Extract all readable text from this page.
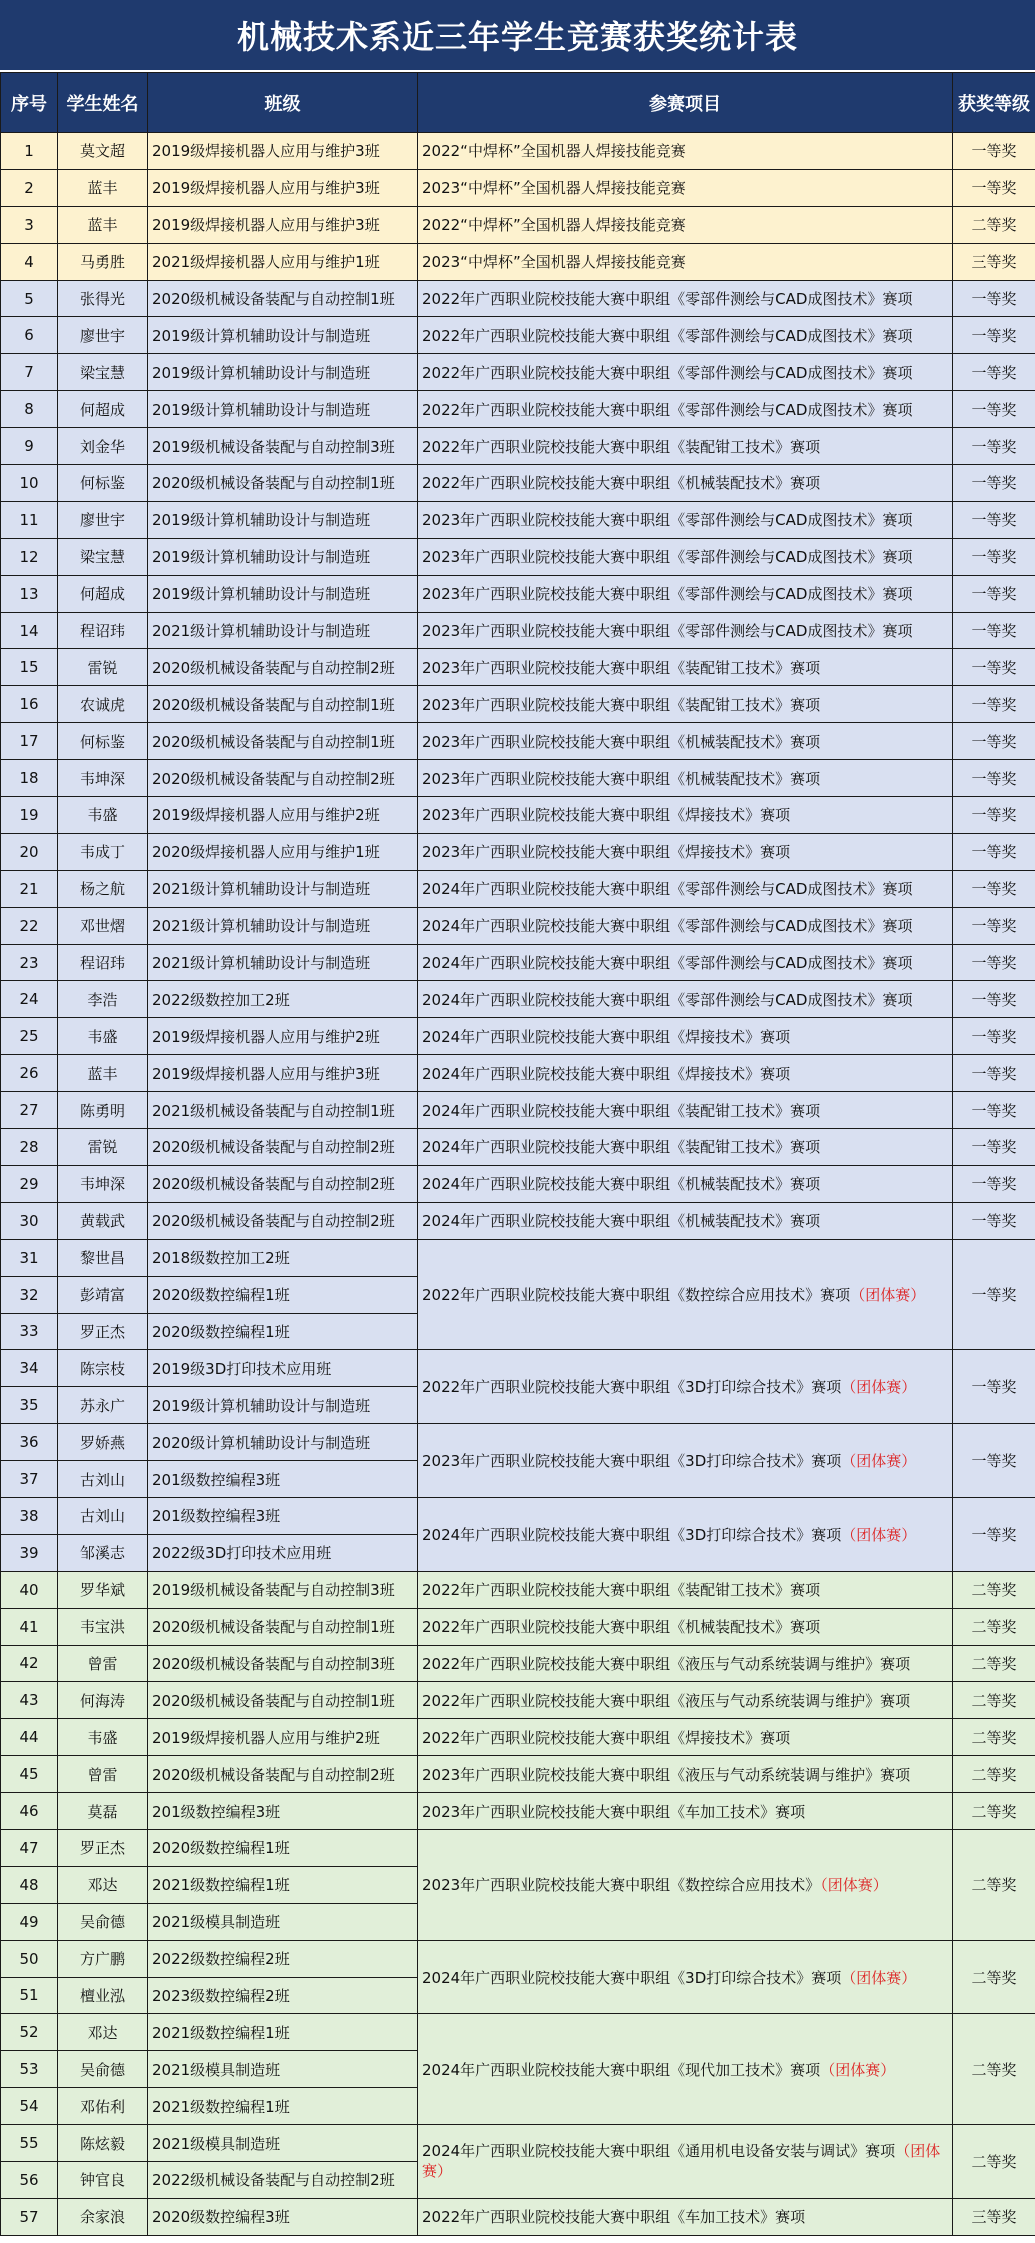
机械技术系近三年学生竞赛获奖统计表
序号	学生姓名	班级	参赛项目	获奖等级
1	莫文超	2019级焊接机器人应用与维护3班	2022“中焊杯”全国机器人焊接技能竞赛	一等奖
2	蓝丰	2019级焊接机器人应用与维护3班	2023“中焊杯”全国机器人焊接技能竞赛	一等奖
3	蓝丰	2019级焊接机器人应用与维护3班	2022“中焊杯”全国机器人焊接技能竞赛	二等奖
4	马勇胜	2021级焊接机器人应用与维护1班	2023“中焊杯”全国机器人焊接技能竞赛	三等奖
5	张得光	2020级机械设备装配与自动控制1班	2022年广西职业院校技能大赛中职组《零部件测绘与CAD成图技术》赛项	一等奖
6	廖世宇	2019级计算机辅助设计与制造班	2022年广西职业院校技能大赛中职组《零部件测绘与CAD成图技术》赛项	一等奖
7	梁宝慧	2019级计算机辅助设计与制造班	2022年广西职业院校技能大赛中职组《零部件测绘与CAD成图技术》赛项	一等奖
8	何超成	2019级计算机辅助设计与制造班	2022年广西职业院校技能大赛中职组《零部件测绘与CAD成图技术》赛项	一等奖
9	刘金华	2019级机械设备装配与自动控制3班	2022年广西职业院校技能大赛中职组《装配钳工技术》赛项	一等奖
10	何标鉴	2020级机械设备装配与自动控制1班	2022年广西职业院校技能大赛中职组《机械装配技术》赛项	一等奖
11	廖世宇	2019级计算机辅助设计与制造班	2023年广西职业院校技能大赛中职组《零部件测绘与CAD成图技术》赛项	一等奖
12	梁宝慧	2019级计算机辅助设计与制造班	2023年广西职业院校技能大赛中职组《零部件测绘与CAD成图技术》赛项	一等奖
13	何超成	2019级计算机辅助设计与制造班	2023年广西职业院校技能大赛中职组《零部件测绘与CAD成图技术》赛项	一等奖
14	程诏玮	2021级计算机辅助设计与制造班	2023年广西职业院校技能大赛中职组《零部件测绘与CAD成图技术》赛项	一等奖
15	雷锐	2020级机械设备装配与自动控制2班	2023年广西职业院校技能大赛中职组《装配钳工技术》赛项	一等奖
16	农诚虎	2020级机械设备装配与自动控制1班	2023年广西职业院校技能大赛中职组《装配钳工技术》赛项	一等奖
17	何标鉴	2020级机械设备装配与自动控制1班	2023年广西职业院校技能大赛中职组《机械装配技术》赛项	一等奖
18	韦坤深	2020级机械设备装配与自动控制2班	2023年广西职业院校技能大赛中职组《机械装配技术》赛项	一等奖
19	韦盛	2019级焊接机器人应用与维护2班	2023年广西职业院校技能大赛中职组《焊接技术》赛项	一等奖
20	韦成丁	2020级焊接机器人应用与维护1班	2023年广西职业院校技能大赛中职组《焊接技术》赛项	一等奖
21	杨之航	2021级计算机辅助设计与制造班	2024年广西职业院校技能大赛中职组《零部件测绘与CAD成图技术》赛项	一等奖
22	邓世熠	2021级计算机辅助设计与制造班	2024年广西职业院校技能大赛中职组《零部件测绘与CAD成图技术》赛项	一等奖
23	程诏玮	2021级计算机辅助设计与制造班	2024年广西职业院校技能大赛中职组《零部件测绘与CAD成图技术》赛项	一等奖
24	李浩	2022级数控加工2班	2024年广西职业院校技能大赛中职组《零部件测绘与CAD成图技术》赛项	一等奖
25	韦盛	2019级焊接机器人应用与维护2班	2024年广西职业院校技能大赛中职组《焊接技术》赛项	一等奖
26	蓝丰	2019级焊接机器人应用与维护3班	2024年广西职业院校技能大赛中职组《焊接技术》赛项	一等奖
27	陈勇明	2021级机械设备装配与自动控制1班	2024年广西职业院校技能大赛中职组《装配钳工技术》赛项	一等奖
28	雷锐	2020级机械设备装配与自动控制2班	2024年广西职业院校技能大赛中职组《装配钳工技术》赛项	一等奖
29	韦坤深	2020级机械设备装配与自动控制2班	2024年广西职业院校技能大赛中职组《机械装配技术》赛项	一等奖
30	黄载武	2020级机械设备装配与自动控制2班	2024年广西职业院校技能大赛中职组《机械装配技术》赛项	一等奖
31	黎世昌	2018级数控加工2班	2022年广西职业院校技能大赛中职组《数控综合应用技术》赛项（团体赛）	一等奖
32	彭靖富	2020级数控编程1班		
33	罗正杰	2020级数控编程1班		
34	陈宗枝	2019级3D打印技术应用班	2022年广西职业院校技能大赛中职组《3D打印综合技术》赛项（团体赛）	一等奖
35	苏永广	2019级计算机辅助设计与制造班		
36	罗娇燕	2020级计算机辅助设计与制造班	2023年广西职业院校技能大赛中职组《3D打印综合技术》赛项（团体赛）	一等奖
37	古刘山	201级数控编程3班		
38	古刘山	201级数控编程3班	2024年广西职业院校技能大赛中职组《3D打印综合技术》赛项（团体赛）	一等奖
39	邹溪志	2022级3D打印技术应用班		
40	罗华斌	2019级机械设备装配与自动控制3班	2022年广西职业院校技能大赛中职组《装配钳工技术》赛项	二等奖
41	韦宝洪	2020级机械设备装配与自动控制1班	2022年广西职业院校技能大赛中职组《机械装配技术》赛项	二等奖
42	曾雷	2020级机械设备装配与自动控制3班	2022年广西职业院校技能大赛中职组《液压与气动系统装调与维护》赛项	二等奖
43	何海涛	2020级机械设备装配与自动控制1班	2022年广西职业院校技能大赛中职组《液压与气动系统装调与维护》赛项	二等奖
44	韦盛	2019级焊接机器人应用与维护2班	2022年广西职业院校技能大赛中职组《焊接技术》赛项	二等奖
45	曾雷	2020级机械设备装配与自动控制2班	2023年广西职业院校技能大赛中职组《液压与气动系统装调与维护》赛项	二等奖
46	莫磊	201级数控编程3班	2023年广西职业院校技能大赛中职组《车加工技术》赛项	二等奖
47	罗正杰	2020级数控编程1班	2023年广西职业院校技能大赛中职组《数控综合应用技术》（团体赛）	二等奖
48	邓达	2021级数控编程1班		
49	吴俞德	2021级模具制造班		
50	方广鹏	2022级数控编程2班	2024年广西职业院校技能大赛中职组《3D打印综合技术》赛项（团体赛）	二等奖
51	檀业泓	2023级数控编程2班		
52	邓达	2021级数控编程1班	2024年广西职业院校技能大赛中职组《现代加工技术》赛项（团体赛）	二等奖
53	吴俞德	2021级模具制造班		
54	邓佑利	2021级数控编程1班		
55	陈炫毅	2021级模具制造班	2024年广西职业院校技能大赛中职组《通用机电设备安装与调试》赛项（团体赛）	二等奖
56	钟官良	2022级机械设备装配与自动控制2班		
57	余家浪	2020级数控编程3班	2022年广西职业院校技能大赛中职组《车加工技术》赛项	三等奖
